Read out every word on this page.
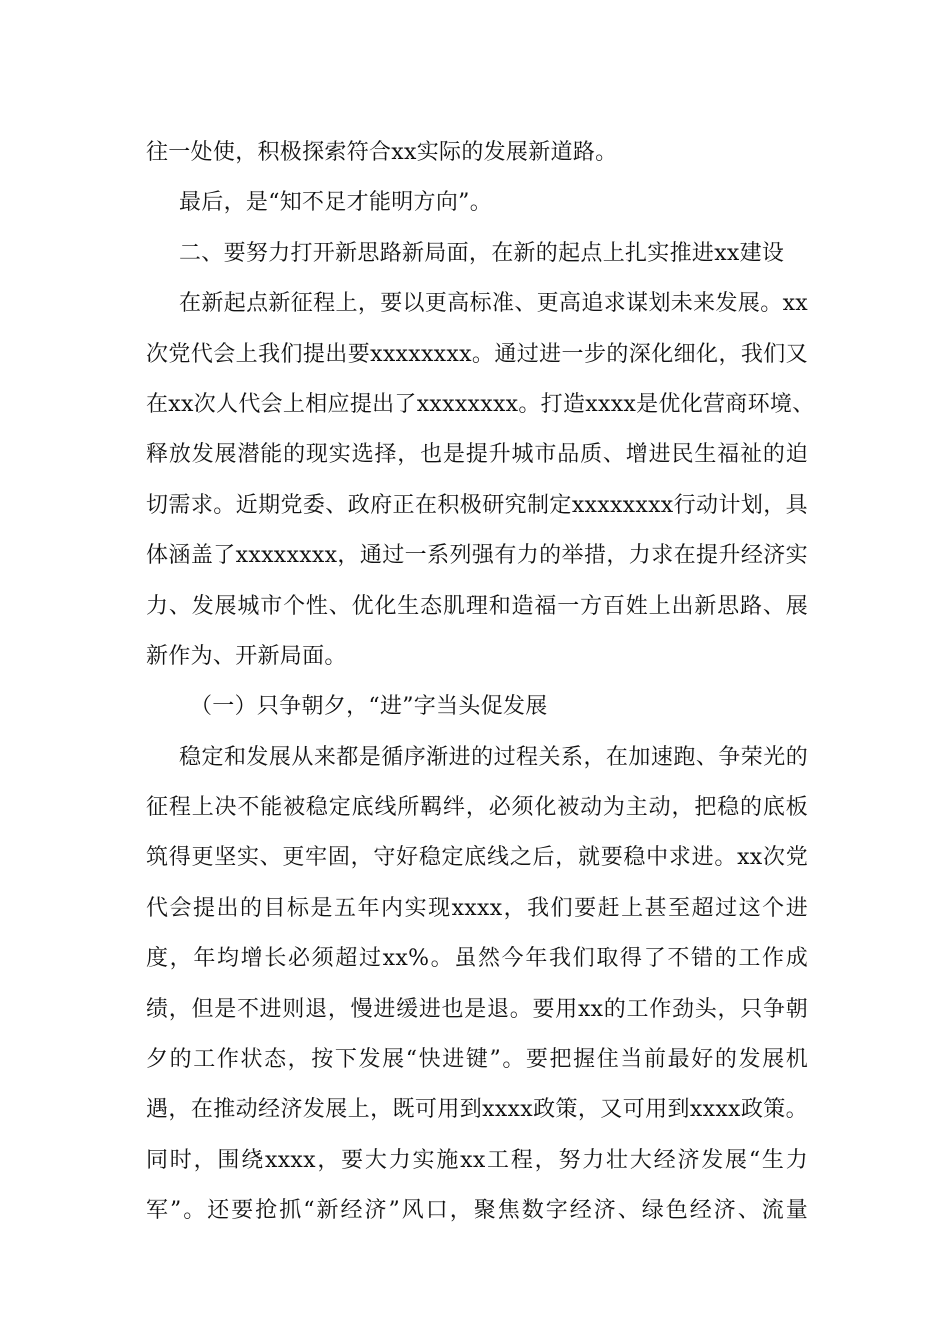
往一处使，积极探索符合xx实际的发展新道路。
最后，是“知不足才能明方向”。
二、要努力打开新思路新局面，在新的起点上扎实推进xx建设
在新起点新征程上，要以更高标准、更高追求谋划未来发展。xx
次党代会上我们提出要xxxxxxxx。通过进一步的深化细化，我们又
在xx次人代会上相应提出了xxxxxxxx。打造xxxx是优化营商环境、
释放发展潜能的现实选择，也是提升城市品质、增进民生福祉的迫
切需求。近期党委、政府正在积极研究制定xxxxxxxx行动计划，具
体涵盖了xxxxxxxx，通过一系列强有力的举措，力求在提升经济实
力、发展城市个性、优化生态肌理和造福一方百姓上出新思路、展
新作为、开新局面。
（一）只争朝夕，“进”字当头促发展
稳定和发展从来都是循序渐进的过程关系，在加速跑、争荣光的
征程上决不能被稳定底线所羁绊，必须化被动为主动，把稳的底板
筑得更坚实、更牢固，守好稳定底线之后，就要稳中求进。xx次党
代会提出的目标是五年内实现xxxx，我们要赶上甚至超过这个进
度，年均增长必须超过xx%。虽然今年我们取得了不错的工作成
绩，但是不进则退，慢进缓进也是退。要用xx的工作劲头，只争朝
夕的工作状态，按下发展“快进键”。要把握住当前最好的发展机
遇，在推动经济发展上，既可用到xxxx政策，又可用到xxxx政策。
同时，围绕xxxx，要大力实施xx工程，努力壮大经济发展“生力
军”。还要抢抓“新经济”风口，聚焦数字经济、绿色经济、流量
